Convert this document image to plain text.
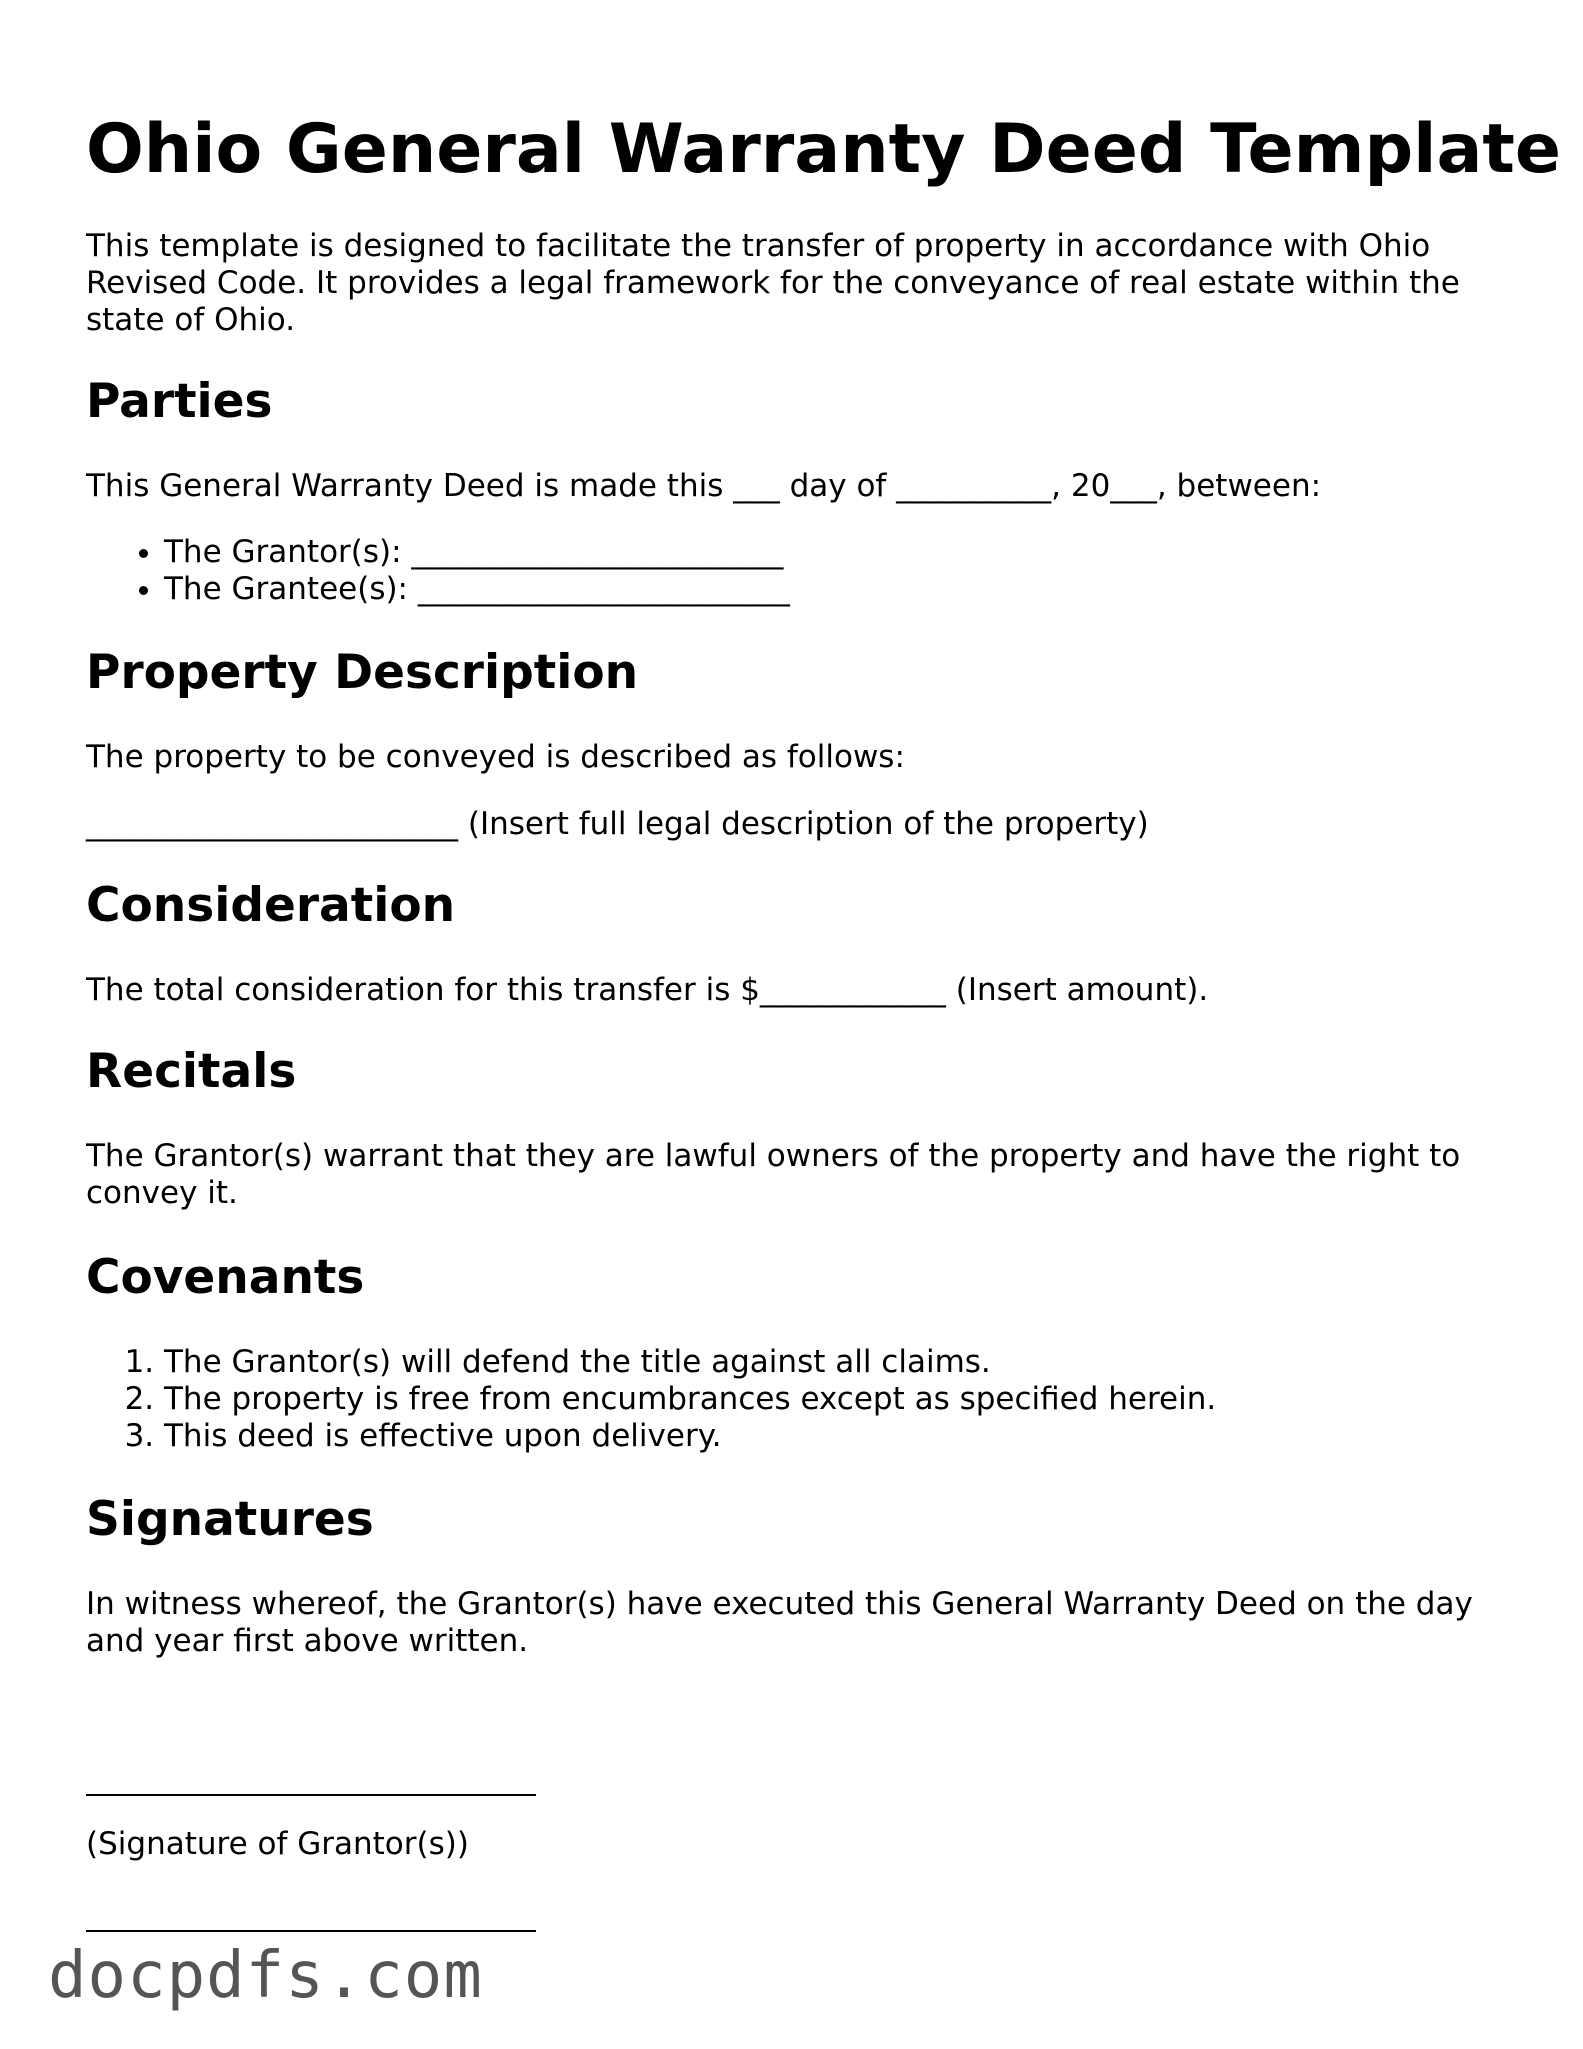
Ohio General Warranty Deed Template

This template is designed to facilitate the transfer of property in accordance with Ohio Revised Code. It provides a legal framework for the conveyance of real estate within the state of Ohio.

Parties

This General Warranty Deed is made this ___ day of __________, 20___, between:

• The Grantor(s): ________________________
• The Grantee(s): ________________________
Property Description

The property to be conveyed is described as follows:

________________________ (Insert full legal description of the property)

Consideration

The total consideration for this transfer is $____________ (Insert amount).

Recitals

The Grantor(s) warrant that they are lawful owners of the property and have the right to convey it.

Covenants
1. The Grantor(s) will defend the title against all claims.
2. The property is free from encumbrances except as specified herein.
3. This deed is effective upon delivery.
Signatures

In witness whereof, the Grantor(s) have executed this General Warranty Deed on the day and year first above written.

(Signature of Grantor(s))

docpdfs.com
